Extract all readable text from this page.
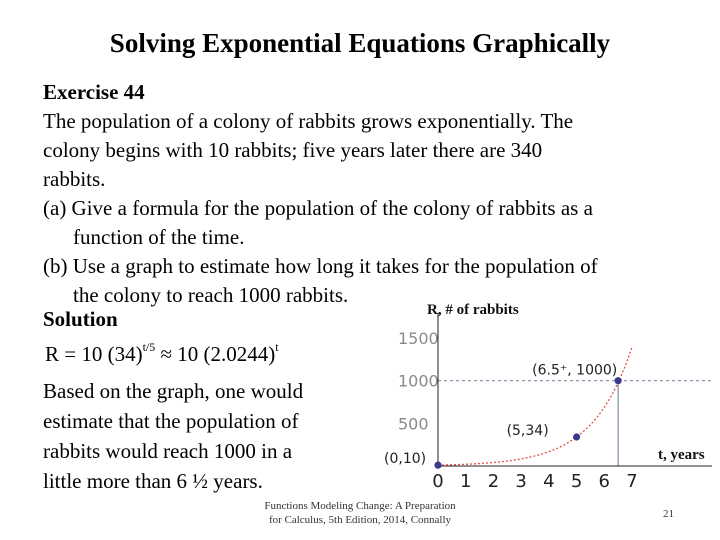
Solving Exponential Equations Graphically
Exercise 44
The population of a colony of rabbits grows exponentially. The
colony begins with 10 rabbits; five years later there are 340
rabbits.
(a) Give a formula for the population of the colony of rabbits as a
function of the time.
(b) Use a graph to estimate how long it takes for the population of
the colony to reach 1000 rabbits.
Solution
R = 10 $(34)^{t/5} \approx 10$ $(2.0244)^t$
Based on the graph, one would
estimate that the population of
rabbits would reach 1000 in a
little more than 6 ½ years.
500
1000
1500
0 1 2 3 4 5 6 7
R, # of rabbits
t, years
(0,10)
(5,34)
(6.5⁺, 1000)
Functions Modeling Change: A Preparation
for Calculus, 5th Edition, 2014, Connally	21
